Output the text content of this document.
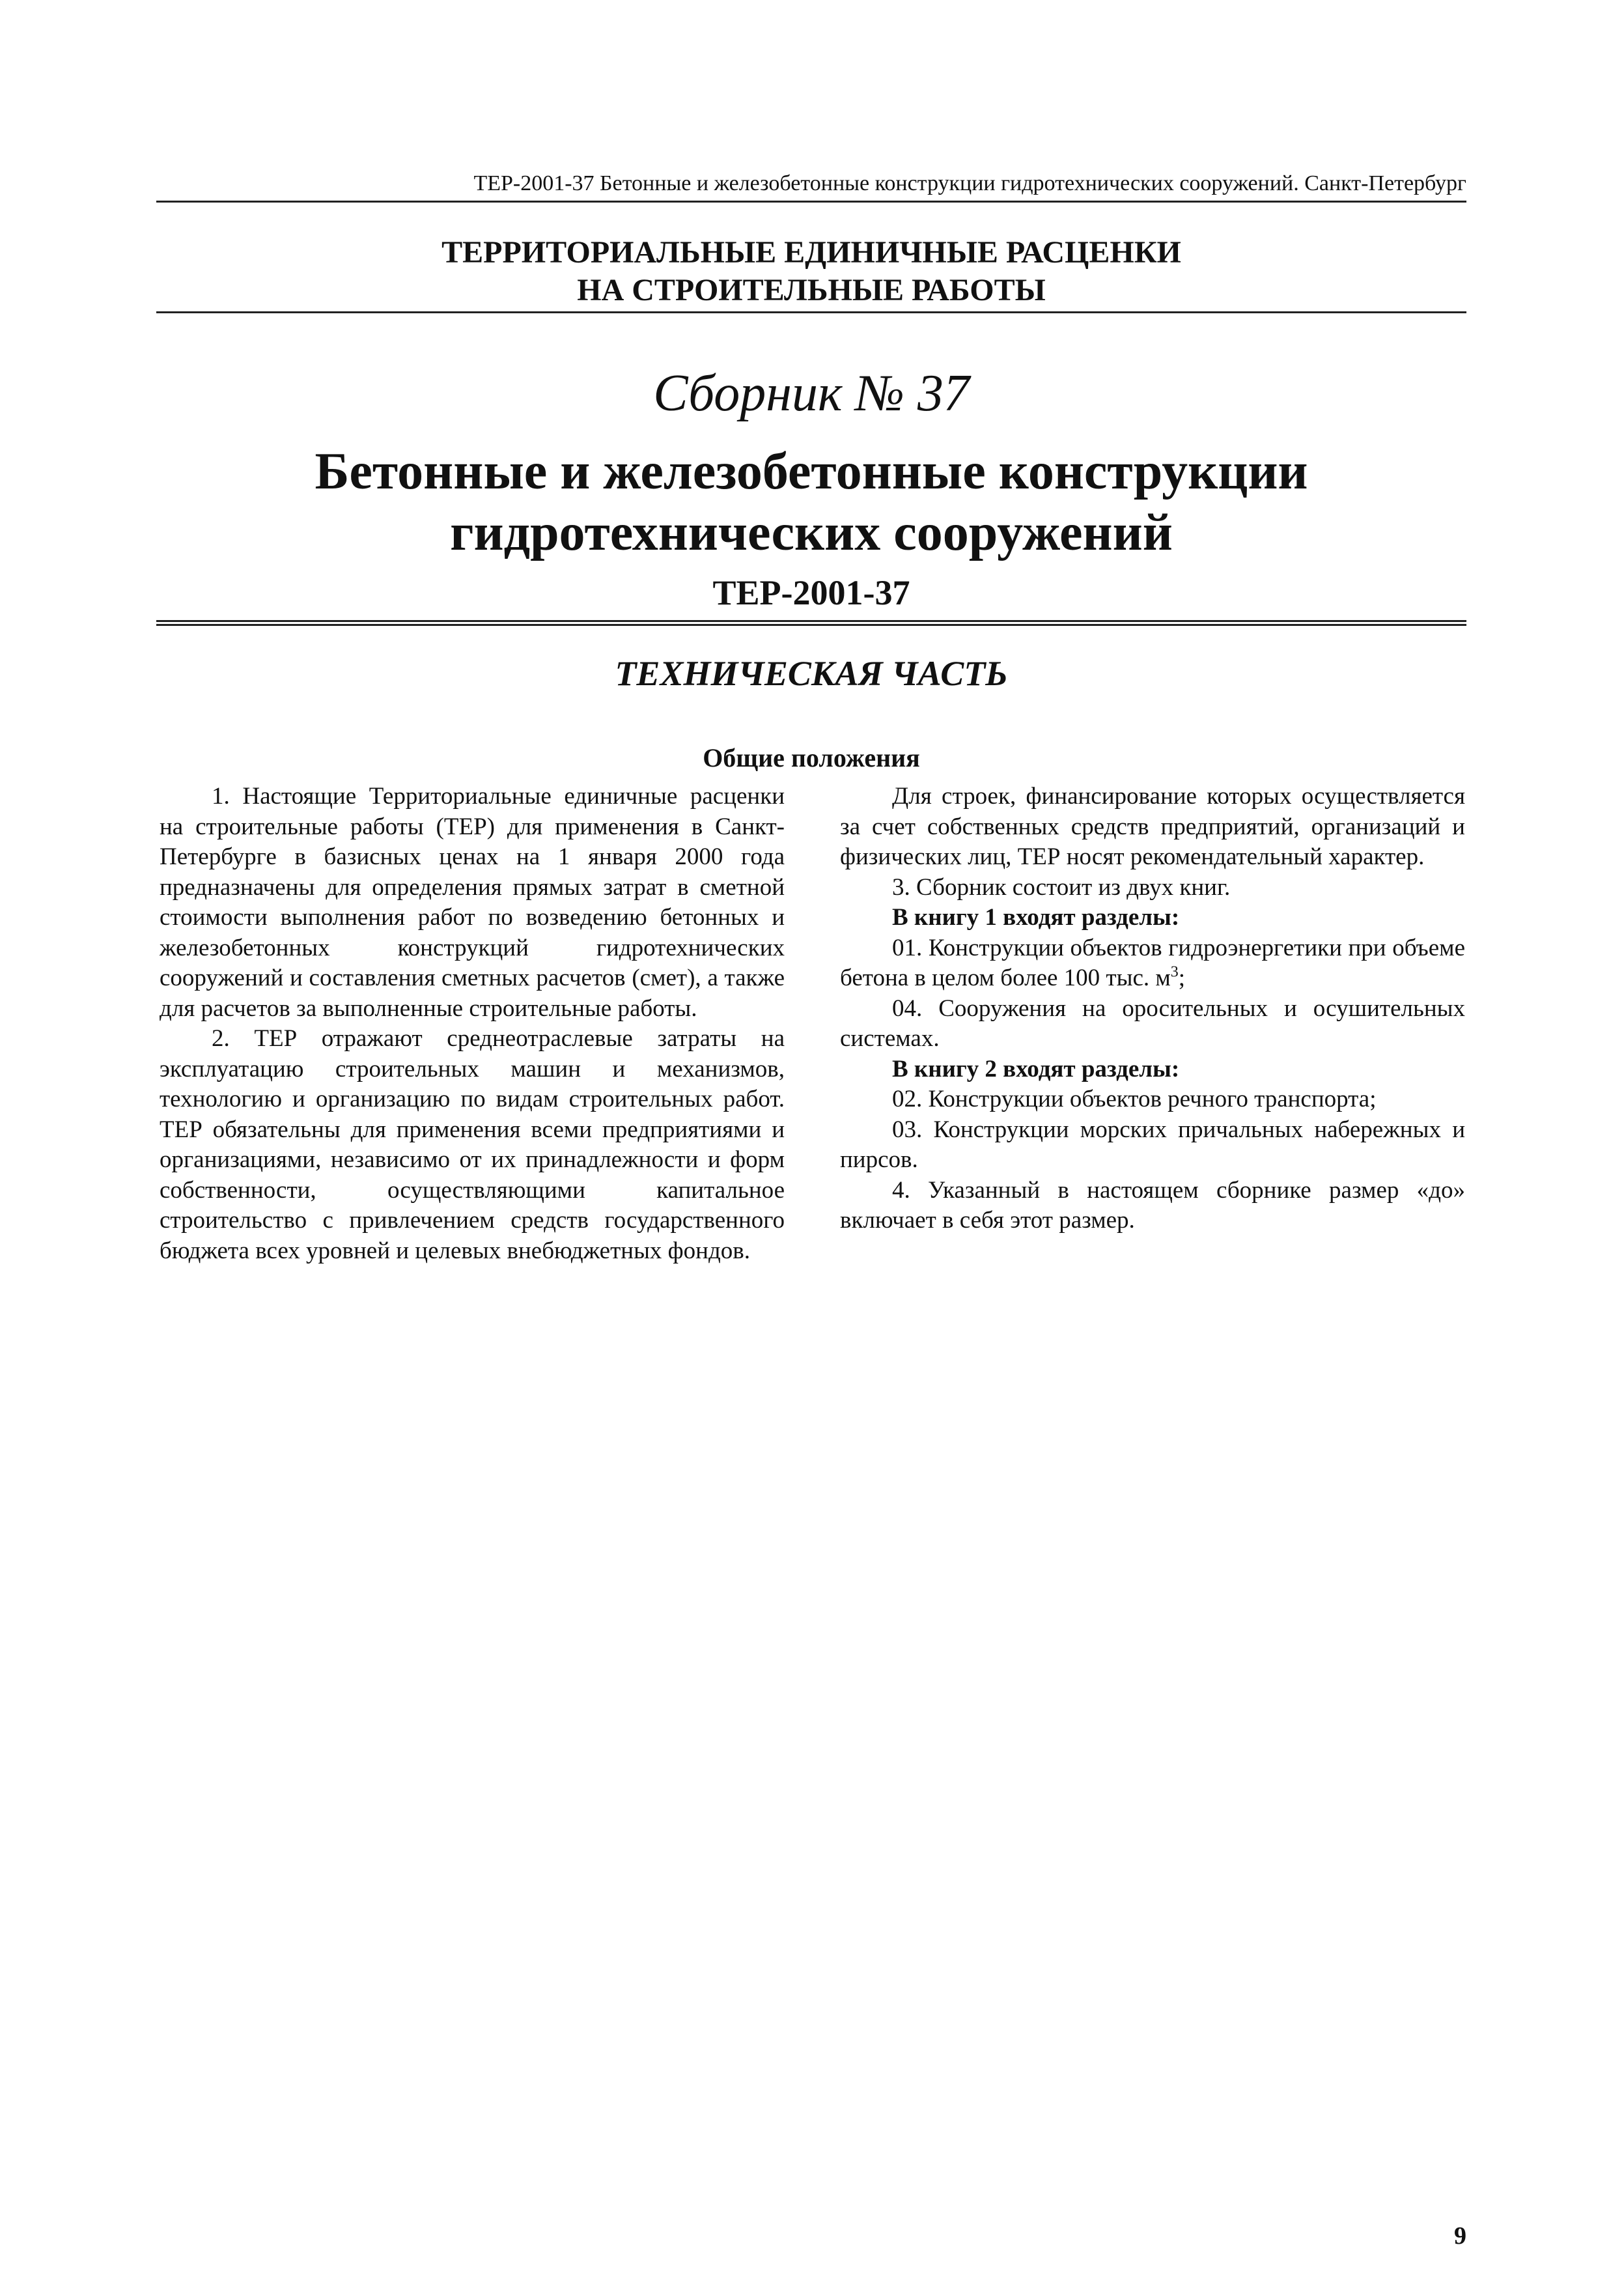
ТЕР-2001-37 Бетонные и железобетонные конструкции гидротехнических сооружений. Санкт-Петербург
ТЕРРИТОРИАЛЬНЫЕ ЕДИНИЧНЫЕ РАСЦЕНКИ
НА СТРОИТЕЛЬНЫЕ РАБОТЫ
Сборник № 37
Бетонные и железобетонные конструкции
гидротехнических сооружений
ТЕР-2001-37
ТЕХНИЧЕСКАЯ ЧАСТЬ
Общие положения

1. Настоящие Территориальные единичные расценки на строительные работы (ТЕР) для применения в Санкт-Петербурге в базисных ценах на 1 января 2000 года предназначены для определения прямых затрат в сметной стоимости выполнения работ по возведению бетонных и железобетонных конструкций гидротехнических сооружений и составления сметных расчетов (смет), а также для расчетов за выполненные строительные работы.

2. ТЕР отражают среднеотраслевые затраты на эксплуатацию строительных машин и механизмов, технологию и организацию по видам строительных работ. ТЕР обязательны для применения всеми предприятиями и организациями, независимо от их принадлежности и форм собственности, осуществляющими капитальное строительство с привлечением средств государственного бюджета всех уровней и целевых внебюджетных фондов.

Для строек, финансирование которых осуществляется за счет собственных средств предприятий, организаций и физических лиц, ТЕР носят рекомендательный характер.

3. Сборник состоит из двух книг.

В книгу 1 входят разделы:

01. Конструкции объектов гидроэнергетики при объеме бетона в целом более 100 тыс. $м^3$;

04. Сооружения на оросительных и осушительных системах.

В книгу 2 входят разделы:

02. Конструкции объектов речного транспорта;

03. Конструкции морских причальных набережных и пирсов.

4. Указанный в настоящем сборнике размер «до» включает в себя этот размер.

9
